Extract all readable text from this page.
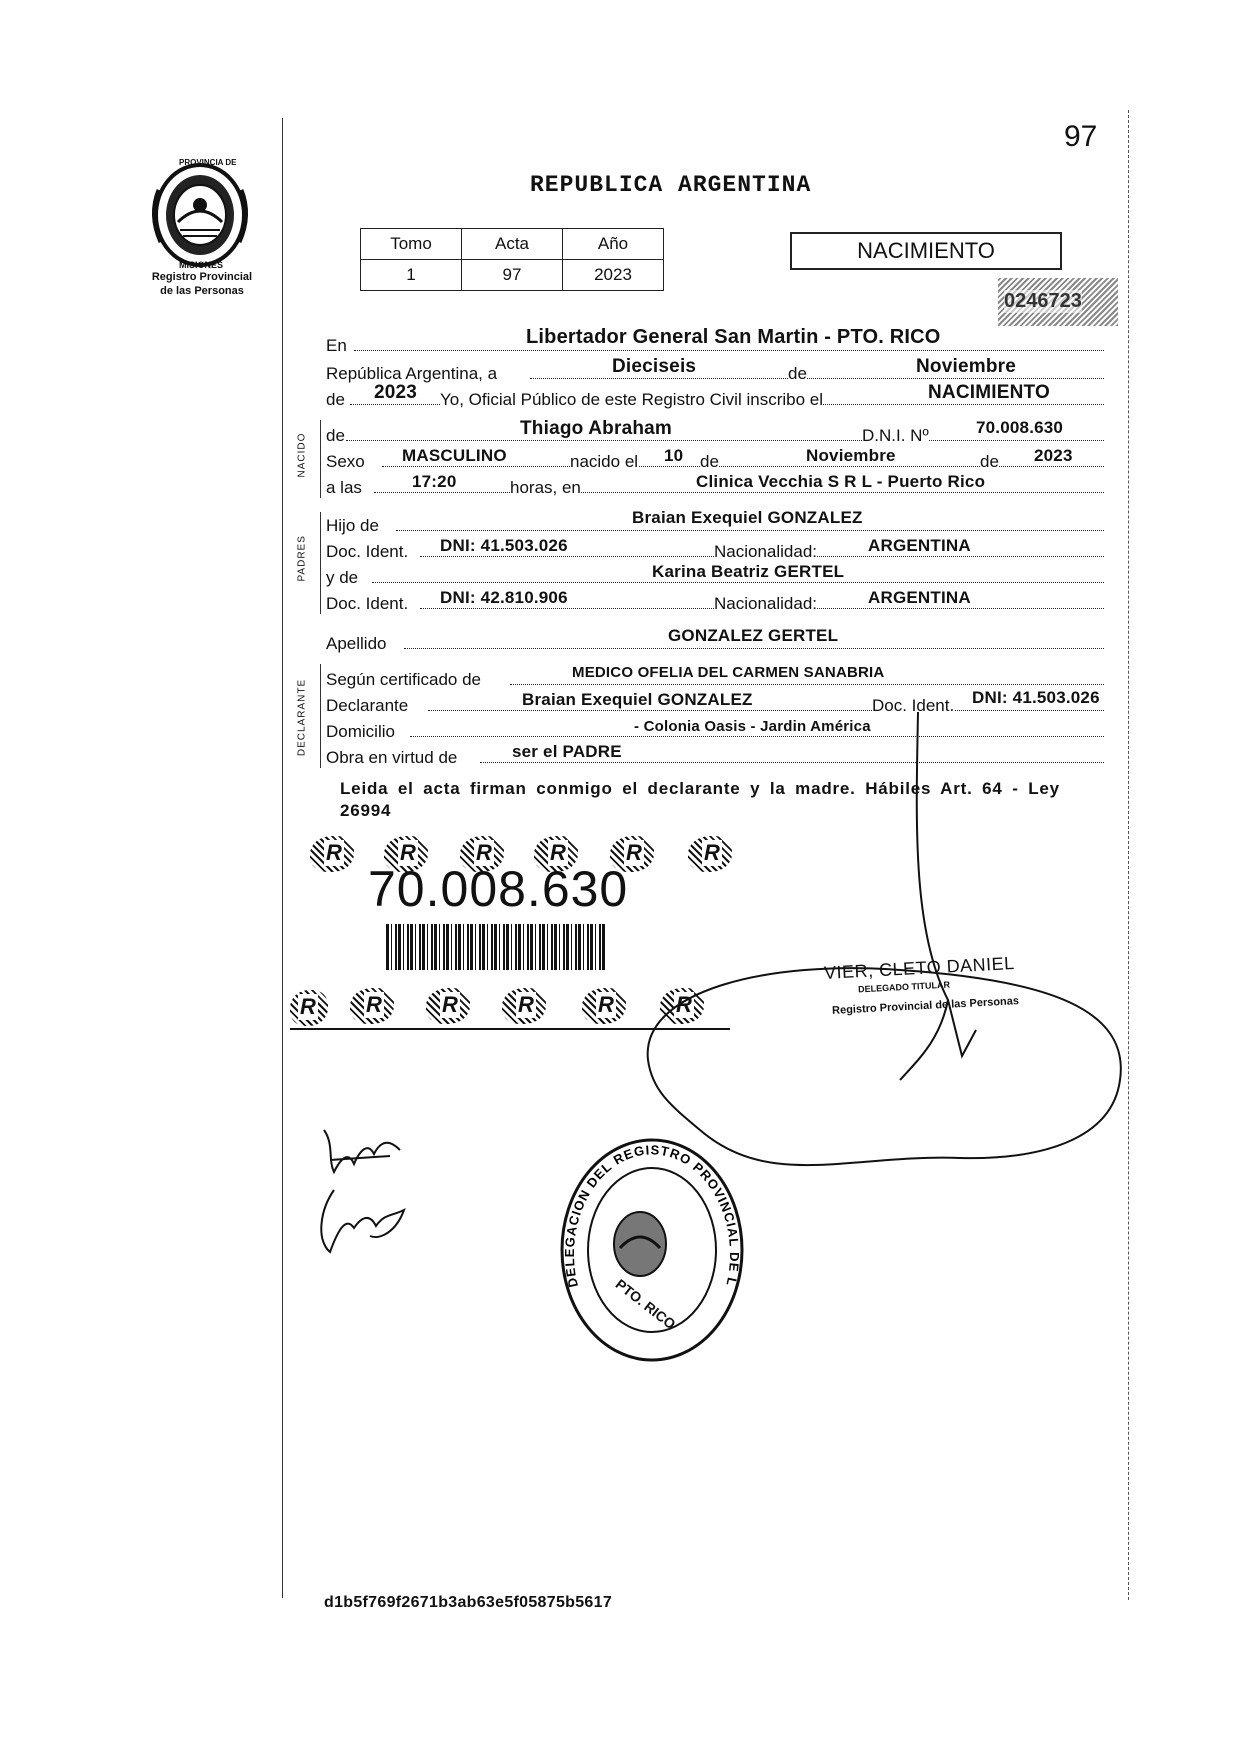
97
PROVINCIA DE
MISIONES
Registro Provincial
de las Personas
REPUBLICA ARGENTINA
Tomo	Acta	Año
1	97	2023
NACIMIENTO
0246723
En	Libertador General San Martin - PTO. RICO
República Argentina, a	Dieciseis	de	Noviembre
de 2023 Yo, Oficial Público de este Registro Civil inscribo el	NACIMIENTO
NACIDO de	Thiago Abraham	D.N.I. Nº	70.008.630
Sexo MASCULINO	nacido el 10 de	Noviembre	de 2023
a las	17:20	horas, en	Clinica Vecchia S R L - Puerto Rico
PADRES
Hijo de	Braian Exequiel GONZALEZ
Doc. Ident. DNI: 41.503.026	Nacionalidad:	ARGENTINA
y de	Karina Beatriz GERTEL
Doc. Ident. DNI: 42.810.906	Nacionalidad:	ARGENTINA
Apellido	GONZALEZ GERTEL
DECLARANTE Según certificado de	MEDICO OFELIA DEL CARMEN SANABRIA
Declarante	Braian Exequiel GONZALEZ	Doc. Ident. DNI: 41.503.026
Domicilio	- Colonia Oasis - Jardin América
Obra en virtud de	ser el PADRE
Leida el acta firman conmigo el declarante y la madre. Hábiles Art. 64 - Ley 26994
R	R	R	R	R	R
70.008.630
R R	R	R	R	R
VIER, CLETO DANIEL
DELEGADO TITULAR
Registro Provincial de las Personas
DELEGACION DEL REGISTRO PROVINCIAL DE L
PTO. RICO
d1b5f769f2671b3ab63e5f05875b5617
